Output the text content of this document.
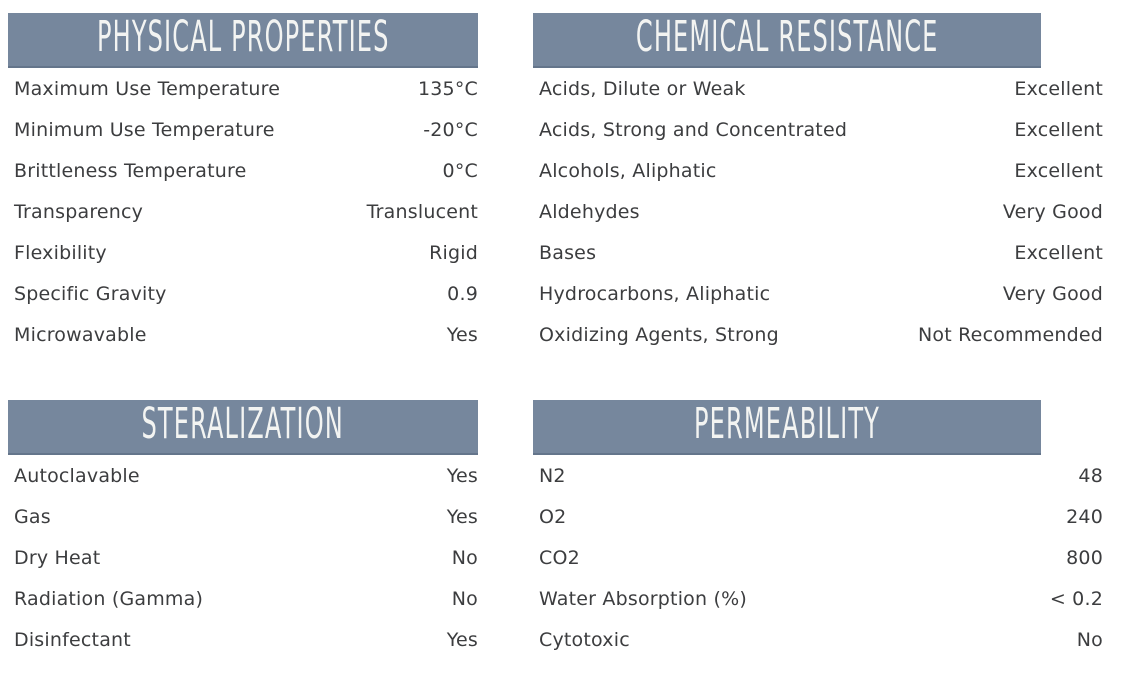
PHYSICAL PROPERTIES
Maximum Use Temperature	135°C
Minimum Use Temperature	-20°C
Brittleness Temperature	0°C
Transparency	Translucent
Flexibility	Rigid
Specific Gravity	0.9
Microwavable	Yes
CHEMICAL RESISTANCE
Acids, Dilute or Weak	Excellent
Acids, Strong and Concentrated	Excellent
Alcohols, Aliphatic	Excellent
Aldehydes	Very Good
Bases	Excellent
Hydrocarbons, Aliphatic	Very Good
Oxidizing Agents, Strong	Not Recommended
STERALIZATION
Autoclavable	Yes
Gas	Yes
Dry Heat	No
Radiation (Gamma)	No
Disinfectant	Yes
PERMEABILITY
N2	48
O2	240
CO2	800
Water Absorption (%)	< 0.2
Cytotoxic	No
